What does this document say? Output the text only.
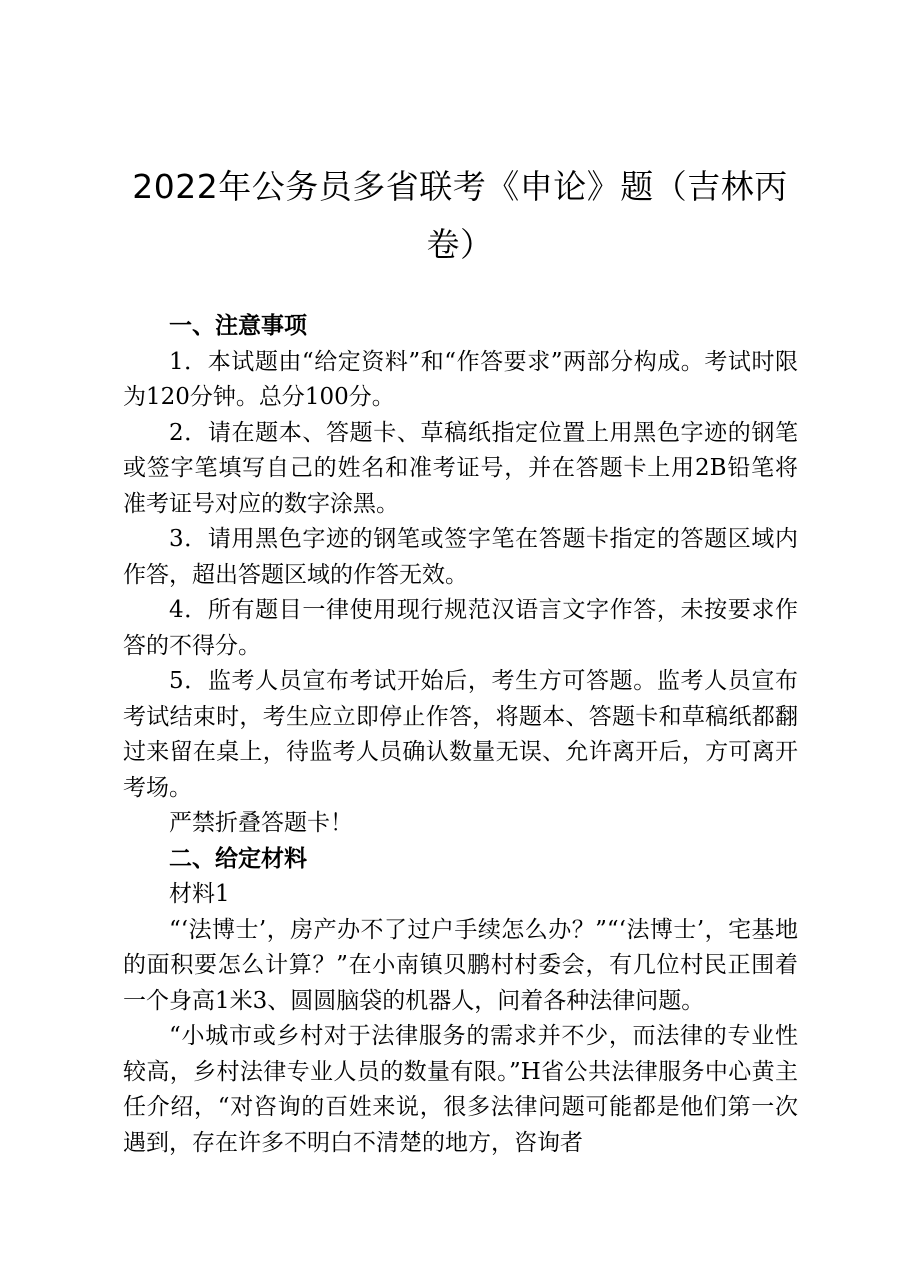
2022年公务员多省联考《申论》题（吉林丙卷）

一、注意事项

1．本试题由“给定资料”和“作答要求”两部分构成。考试时限为120分钟。总分100分。

2．请在题本、答题卡、草稿纸指定位置上用黑色字迹的钢笔或签字笔填写自己的姓名和准考证号，并在答题卡上用2B铅笔将准考证号对应的数字涂黑。

3．请用黑色字迹的钢笔或签字笔在答题卡指定的答题区域内作答，超出答题区域的作答无效。

4．所有题目一律使用现行规范汉语言文字作答，未按要求作答的不得分。

5．监考人员宣布考试开始后，考生方可答题。监考人员宣布考试结束时，考生应立即停止作答，将题本、答题卡和草稿纸都翻过来留在桌上，待监考人员确认数量无误、允许离开后，方可离开考场。

严禁折叠答题卡！

二、给定材料

材料1

“‘法博士’，房产办不了过户手续怎么办？”“‘法博士’，宅基地的面积要怎么计算？”在小南镇贝鹏村村委会，有几位村民正围着一个身高1米3、圆圆脑袋的机器人，问着各种法律问题。

“小城市或乡村对于法律服务的需求并不少，而法律的专业性较高，乡村法律专业人员的数量有限。”H省公共法律服务中心黄主任介绍，“对咨询的百姓来说，很多法律问题可能都是他们第一次遇到，存在许多不明白不清楚的地方，咨询者
